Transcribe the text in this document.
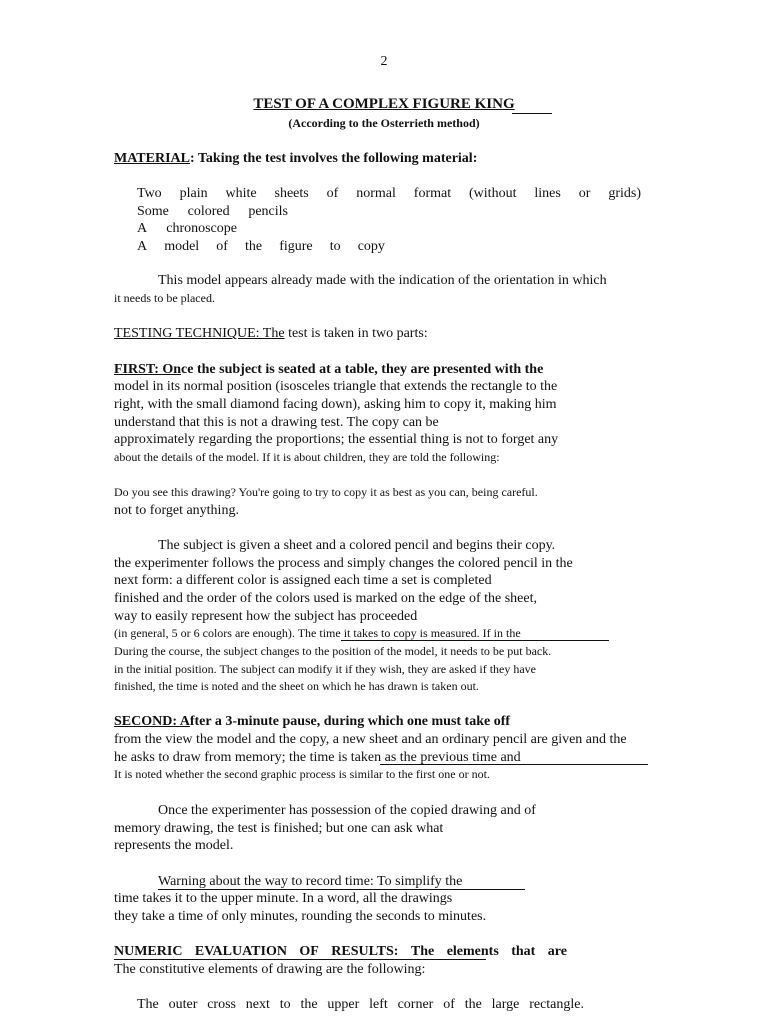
2
TEST OF A COMPLEX FIGURE KING
(According to the Osterrieth method)
MATERIAL: Taking the test involves the following material:
Two plain white sheets of normal format (without lines or grids)
Some colored pencils
A chronoscope
A model of the figure to copy
This model appears already made with the indication of the orientation in which
it needs to be placed.
TESTING TECHNIQUE: The test is taken in two parts:
FIRST: Once the subject is seated at a table, they are presented with the
model in its normal position (isosceles triangle that extends the rectangle to the
right, with the small diamond facing down), asking him to copy it, making him
understand that this is not a drawing test. The copy can be
approximately regarding the proportions; the essential thing is not to forget any
about the details of the model. If it is about children, they are told the following:
Do you see this drawing? You're going to try to copy it as best as you can, being careful.
not to forget anything.
The subject is given a sheet and a colored pencil and begins their copy.
the experimenter follows the process and simply changes the colored pencil in the
next form: a different color is assigned each time a set is completed
finished and the order of the colors used is marked on the edge of the sheet,
way to easily represent how the subject has proceeded
(in general, 5 or 6 colors are enough). The time it takes to copy is measured. If in the
During the course, the subject changes to the position of the model, it needs to be put back.
in the initial position. The subject can modify it if they wish, they are asked if they have
finished, the time is noted and the sheet on which he has drawn is taken out.
SECOND: After a 3-minute pause, during which one must take off
from the view the model and the copy, a new sheet and an ordinary pencil are given and the
he asks to draw from memory; the time is taken as the previous time and
It is noted whether the second graphic process is similar to the first one or not.
Once the experimenter has possession of the copied drawing and of
memory drawing, the test is finished; but one can ask what
represents the model.
Warning about the way to record time: To simplify the
time takes it to the upper minute. In a word, all the drawings
they take a time of only minutes, rounding the seconds to minutes.
NUMERIC EVALUATION OF RESULTS: The elements that are
The constitutive elements of drawing are the following:
The outer cross next to the upper left corner of the large rectangle.
